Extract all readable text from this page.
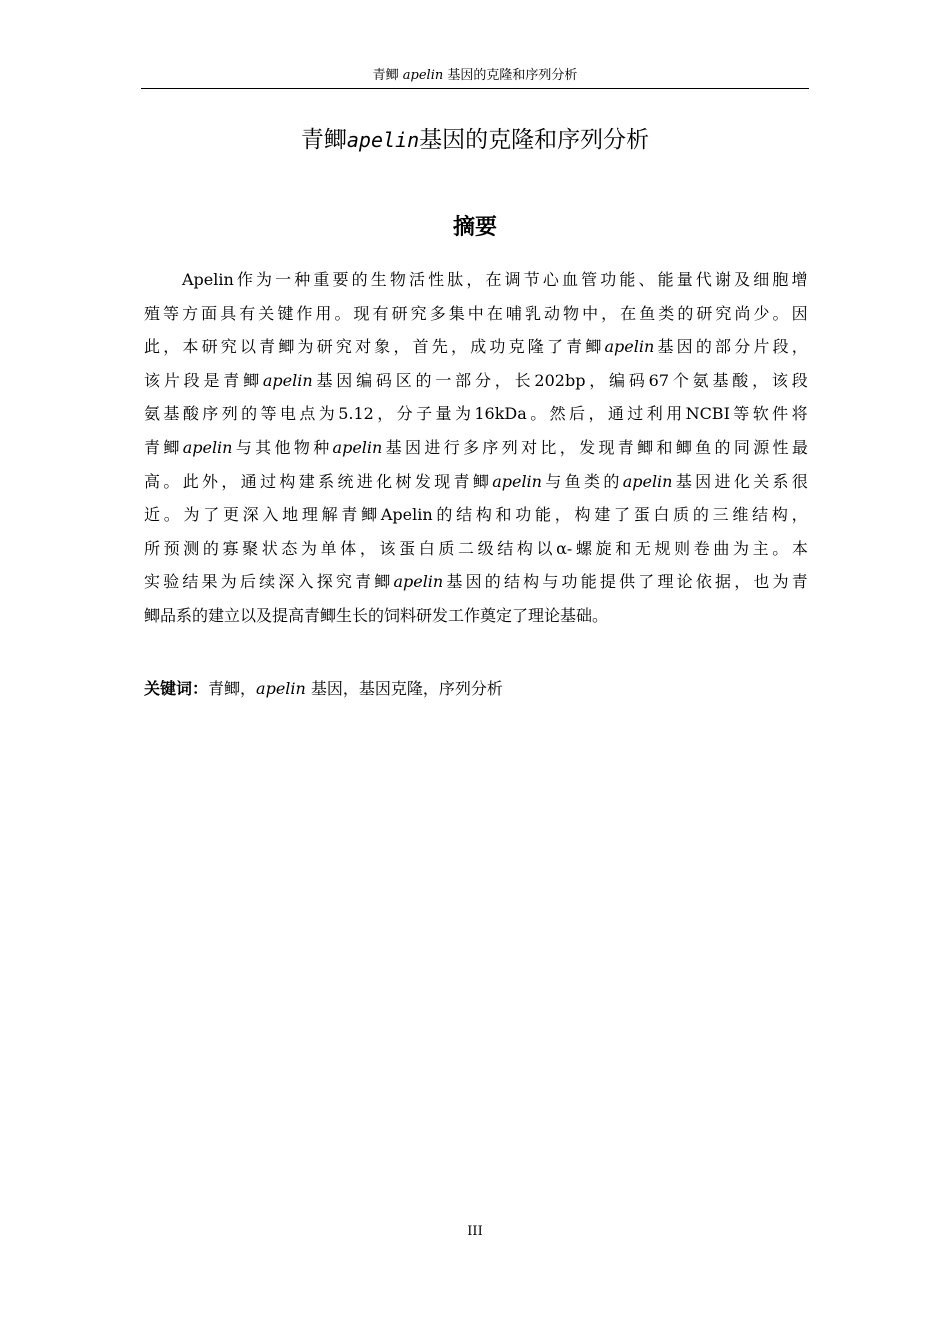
青鲫 apelin 基因的克隆和序列分析
青鲫apelin基因的克隆和序列分析
摘要
Apelin 作 为 一 种 重 要 的 生 物 活 性 肽 ， 在 调 节 心 血 管 功 能 、 能 量 代 谢 及 细 胞 增
殖 等 方 面 具 有 关 键 作 用 。 现 有 研 究 多 集 中 在 哺 乳 动 物 中 ， 在 鱼 类 的 研 究 尚 少 。 因
此 ， 本 研 究 以 青 鲫 为 研 究 对 象 ， 首 先 ， 成 功 克 隆 了 青 鲫 apelin 基 因 的 部 分 片 段 ，
该 片 段 是 青 鲫 apelin 基 因 编 码 区 的 一 部 分 ， 长 202bp ， 编 码 67 个 氨 基 酸 ， 该 段
氨 基 酸 序 列 的 等 电 点 为 5.12 ， 分 子 量 为 16kDa 。 然 后 ， 通 过 利 用 NCBI 等 软 件 将
青 鲫 apelin 与 其 他 物 种 apelin 基 因 进 行 多 序 列 对 比 ， 发 现 青 鲫 和 鲫 鱼 的 同 源 性 最
高 。 此 外 ， 通 过 构 建 系 统 进 化 树 发 现 青 鲫 apelin 与 鱼 类 的 apelin 基 因 进 化 关 系 很
近 。 为 了 更 深 入 地 理 解 青 鲫 Apelin 的 结 构 和 功 能 ， 构 建 了 蛋 白 质 的 三 维 结 构 ，
所 预 测 的 寡 聚 状 态 为 单 体 ， 该 蛋 白 质 二 级 结 构 以 α- 螺 旋 和 无 规 则 卷 曲 为 主 。 本
实 验 结 果 为 后 续 深 入 探 究 青 鲫 apelin 基 因 的 结 构 与 功 能 提 供 了 理 论 依 据 ， 也 为 青
鲫品系的建立以及提高青鲫生长的饲料研发工作奠定了理论基础。
关键词：青鲫，apelin 基因，基因克隆，序列分析
III
